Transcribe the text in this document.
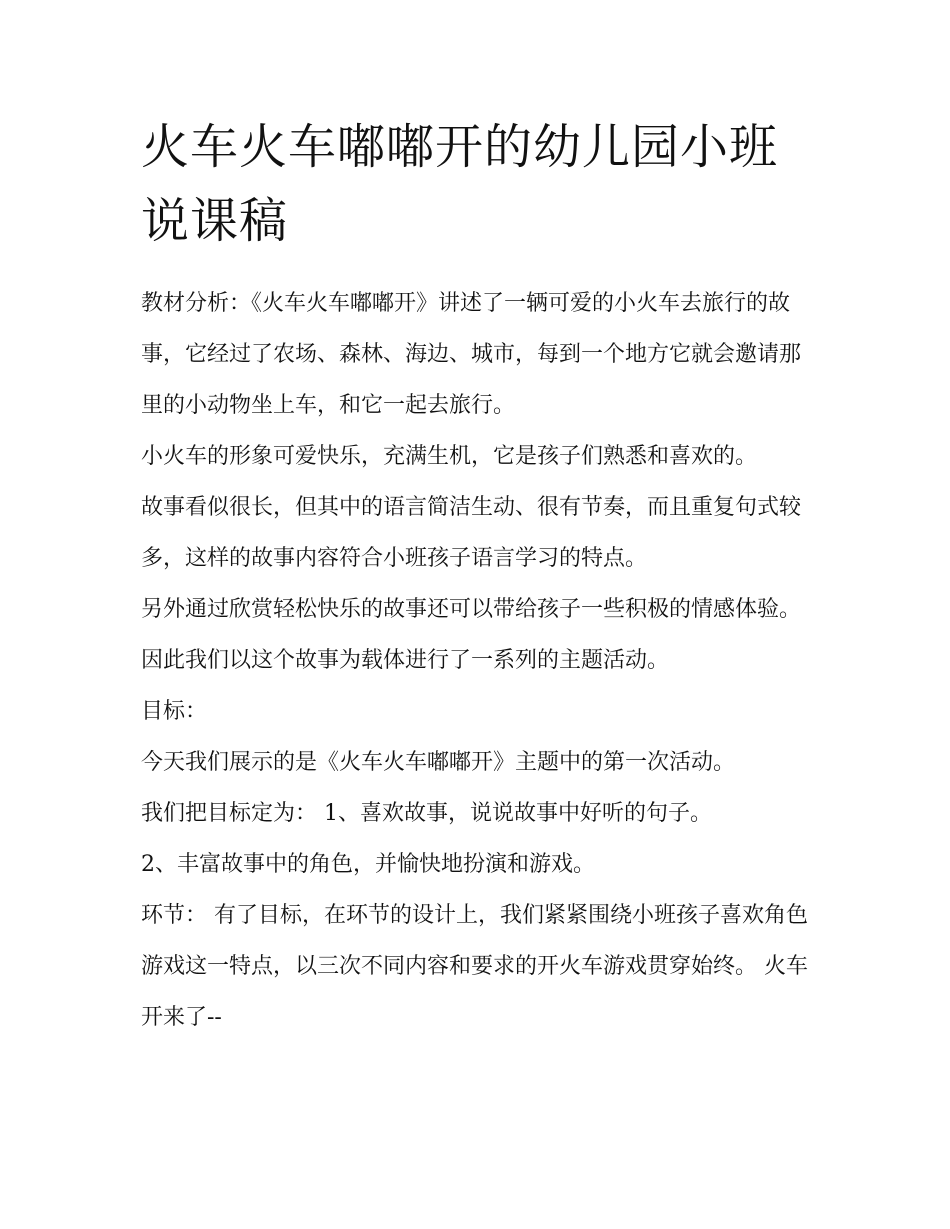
火车火车嘟嘟开的幼儿园小班说课稿

教材分析：《火车火车嘟嘟开》讲述了一辆可爱的小火车去旅行的故事，它经过了农场、森林、海边、城市，每到一个地方它就会邀请那里的小动物坐上车，和它一起去旅行。

小火车的形象可爱快乐，充满生机，它是孩子们熟悉和喜欢的。

故事看似很长，但其中的语言简洁生动、很有节奏，而且重复句式较多，这样的故事内容符合小班孩子语言学习的特点。

另外通过欣赏轻松快乐的故事还可以带给孩子一些积极的情感体验。因此我们以这个故事为载体进行了一系列的主题活动。

目标：

今天我们展示的是《火车火车嘟嘟开》主题中的第一次活动。

我们把目标定为： 1、喜欢故事，说说故事中好听的句子。

2、丰富故事中的角色，并愉快地扮演和游戏。

环节： 有了目标，在环节的设计上，我们紧紧围绕小班孩子喜欢角色游戏这一特点，以三次不同内容和要求的开火车游戏贯穿始终。 火车开来了--
